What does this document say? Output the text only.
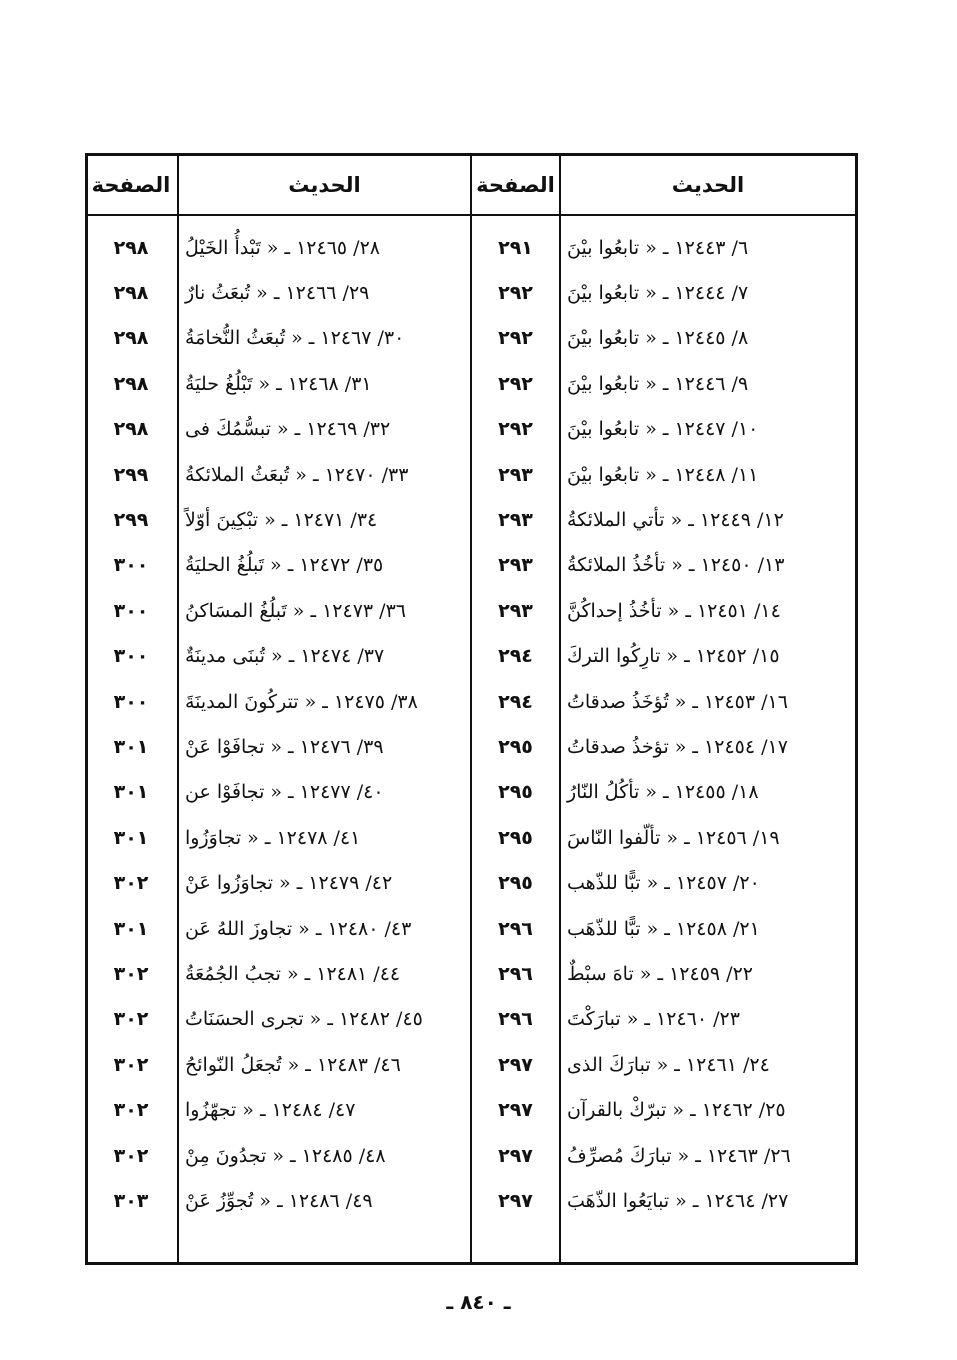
الحديث
الصفحة
الحديث
الصفحة
٦/ ١٢٤٤٣ ـ « تابعُوا بيْنَ
٢٩١
٢٨/ ١٢٤٦٥ ـ « تَبْدأُ الخَيْلُ
٢٩٨
٧/ ١٢٤٤٤ ـ « تابعُوا بيْنَ
٢٩٢
٢٩/ ١٢٤٦٦ ـ « تُبعَثُ نارٌ
٢٩٨
٨/ ١٢٤٤٥ ـ « تابعُوا بيْنَ
٢٩٢
٣٠/ ١٢٤٦٧ ـ « تُبعَثُ النُّخامَةُ
٢٩٨
٩/ ١٢٤٤٦ ـ « تابعُوا بيْنَ
٢٩٢
٣١/ ١٢٤٦٨ ـ « تَبْلُغُ حليَةُ
٢٩٨
١٠/ ١٢٤٤٧ ـ « تابعُوا بيْنَ
٢٩٢
٣٢/ ١٢٤٦٩ ـ « تبسُّمُكَ فى
٢٩٨
١١/ ١٢٤٤٨ ـ « تابعُوا بيْنَ
٢٩٣
٣٣/ ١٢٤٧٠ ـ « تُبعَثُ الملائكةُ
٢٩٩
١٢/ ١٢٤٤٩ ـ « تأتي الملائكةُ
٢٩٣
٣٤/ ١٢٤٧١ ـ « تبْكِينَ أوّلاً
٢٩٩
١٣/ ١٢٤٥٠ ـ « تأخُذُ الملائكةُ
٢٩٣
٣٥/ ١٢٤٧٢ ـ « تَبلُغُ الحليَةُ
٣٠٠
١٤/ ١٢٤٥١ ـ « تأخُذُ إحداكُنَّ
٢٩٣
٣٦/ ١٢٤٧٣ ـ « تَبلُغُ المسَاكنُ
٣٠٠
١٥/ ١٢٤٥٢ ـ « تارِكُوا التركَ
٢٩٤
٣٧/ ١٢٤٧٤ ـ « تُبنَى مدينَةٌ
٣٠٠
١٦/ ١٢٤٥٣ ـ « تُؤخَذُ صدقاتُ
٢٩٤
٣٨/ ١٢٤٧٥ ـ « تتركُونَ المدينَةَ
٣٠٠
١٧/ ١٢٤٥٤ ـ « تؤخذُ صدقاتُ
٢٩٥
٣٩/ ١٢٤٧٦ ـ « تجافَوْا عَنْ
٣٠١
١٨/ ١٢٤٥٥ ـ « تأكُلُ النّارُ
٢٩٥
٤٠/ ١٢٤٧٧ ـ « تجافَوْا عن
٣٠١
١٩/ ١٢٤٥٦ ـ « تألّفوا النّاسَ
٢٩٥
٤١/ ١٢٤٧٨ ـ « تجاوَزُوا
٣٠١
٢٠/ ١٢٤٥٧ ـ « تبًّا للذّهب
٢٩٥
٤٢/ ١٢٤٧٩ ـ « تجاوَزُوا عَنْ
٣٠٢
٢١/ ١٢٤٥٨ ـ « تبًّا للذّهَب
٢٩٦
٤٣/ ١٢٤٨٠ ـ « تجاوزَ اللهُ عَن
٣٠١
٢٢/ ١٢٤٥٩ ـ « تاهَ سبْطٌ
٢٩٦
٤٤/ ١٢٤٨١ ـ « تجبُ الجُمُعَةُ
٣٠٢
٢٣/ ١٢٤٦٠ ـ « تبارَكْتَ
٢٩٦
٤٥/ ١٢٤٨٢ ـ « تجرى الحسَنَاتُ
٣٠٢
٢٤/ ١٢٤٦١ ـ « تبارَكَ الذى
٢٩٧
٤٦/ ١٢٤٨٣ ـ « تُجعَلُ النّوائحُ
٣٠٢
٢٥/ ١٢٤٦٢ ـ « تبرّكْ بالقرآن
٢٩٧
٤٧/ ١٢٤٨٤ ـ « تجهّزُوا
٣٠٢
٢٦/ ١٢٤٦٣ ـ « تبارَكَ مُصرِّفُ
٢٩٧
٤٨/ ١٢٤٨٥ ـ « تجدُونَ مِنْ
٣٠٢
٢٧/ ١٢٤٦٤ ـ « تبايَعُوا الذّهَبَ
٢٩٧
٤٩/ ١٢٤٨٦ ـ « تُجوِّزُ عَنْ
٣٠٣
ـ ٨٤٠ ـ
